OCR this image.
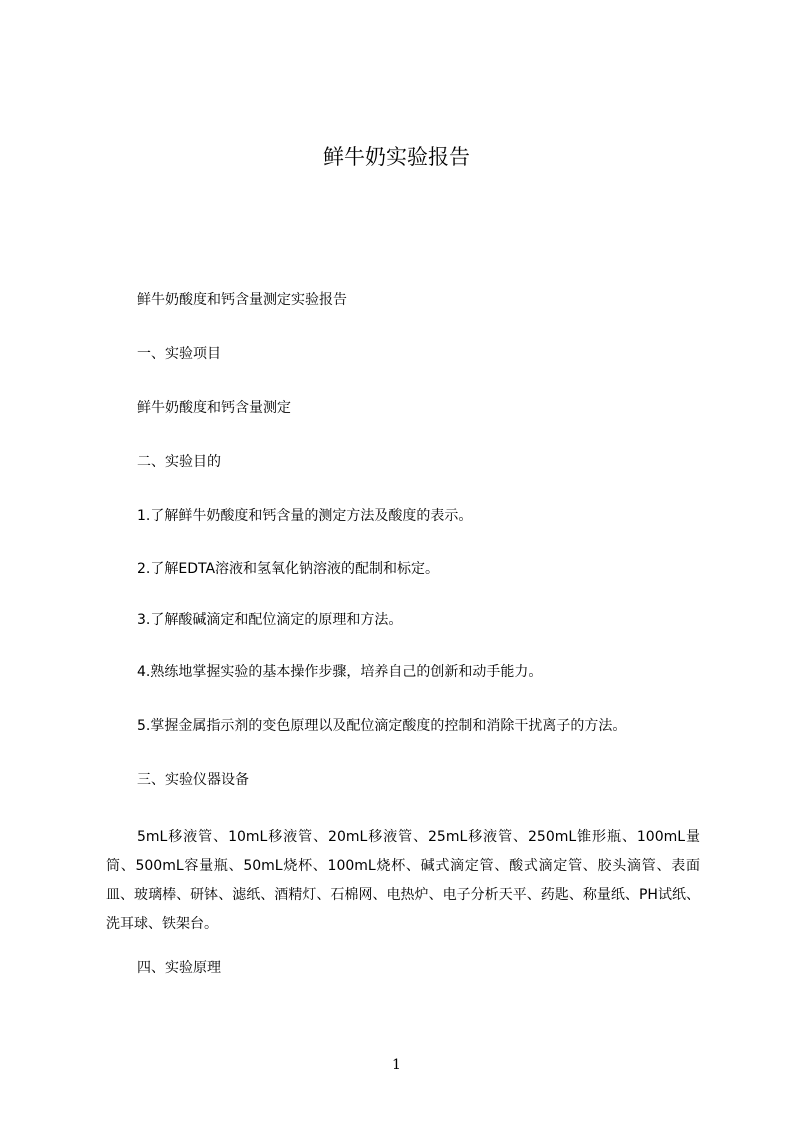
鲜牛奶实验报告
鲜牛奶酸度和钙含量测定实验报告
一、实验项目
鲜牛奶酸度和钙含量测定
二、实验目的
1.了解鲜牛奶酸度和钙含量的测定方法及酸度的表示。
2.了解EDTA溶液和氢氧化钠溶液的配制和标定。
3.了解酸碱滴定和配位滴定的原理和方法。
4.熟练地掌握实验的基本操作步骤，培养自己的创新和动手能力。
5.掌握金属指示剂的变色原理以及配位滴定酸度的控制和消除干扰离子的方法。
三、实验仪器设备
5mL移液管、10mL移液管、20mL移液管、25mL移液管、250mL锥形瓶、100mL量筒、500mL容量瓶、50mL烧杯、100mL烧杯、碱式滴定管、酸式滴定管、胶头滴管、表面皿、玻璃棒、研钵、滤纸、酒精灯、石棉网、电热炉、电子分析天平、药匙、称量纸、PH试纸、洗耳球、铁架台。
四、实验原理
1
